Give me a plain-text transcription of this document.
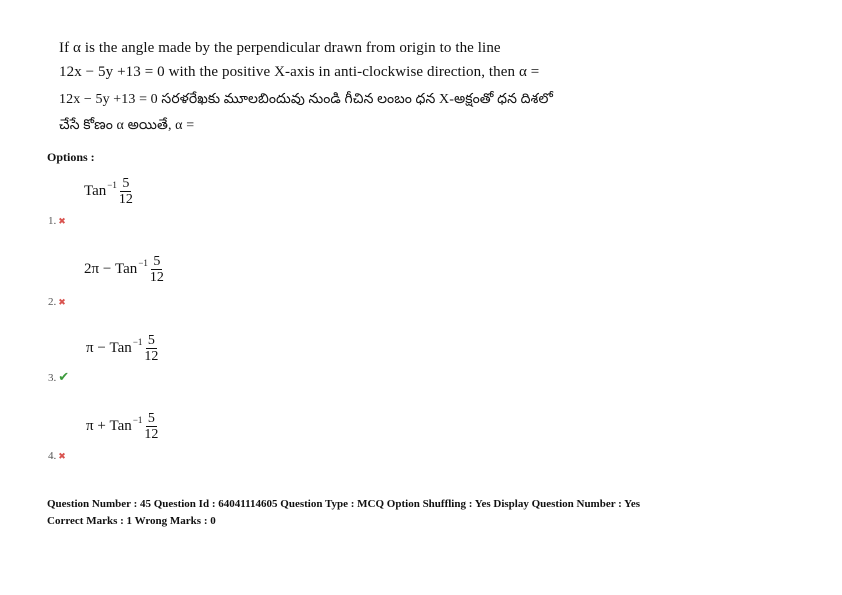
If α is the angle made by the perpendicular drawn from origin to the line
12x − 5y +13 = 0 with the positive X-axis in anti-clockwise direction, then α =
12x − 5y +13 = 0 సరళరేఖకు మూలబిందువు నుండి గీచిన లంబం ధన X-అక్షంతో ధన దిశలో
చేసే కోణం α అయితే, α =
Options :
$Tan^{-1} \frac{5}{12}$
1. ✖
$2\pi - Tan^{-1} \frac{5}{12}$
2. ✖
$\pi - Tan^{-1} \frac{5}{12}$
3. ✔
$\pi + Tan^{-1} \frac{5}{12}$
4. ✖
Question Number : 45 Question Id : 64041114605 Question Type : MCQ Option Shuffling : Yes Display Question Number : Yes
Correct Marks : 1 Wrong Marks : 0
